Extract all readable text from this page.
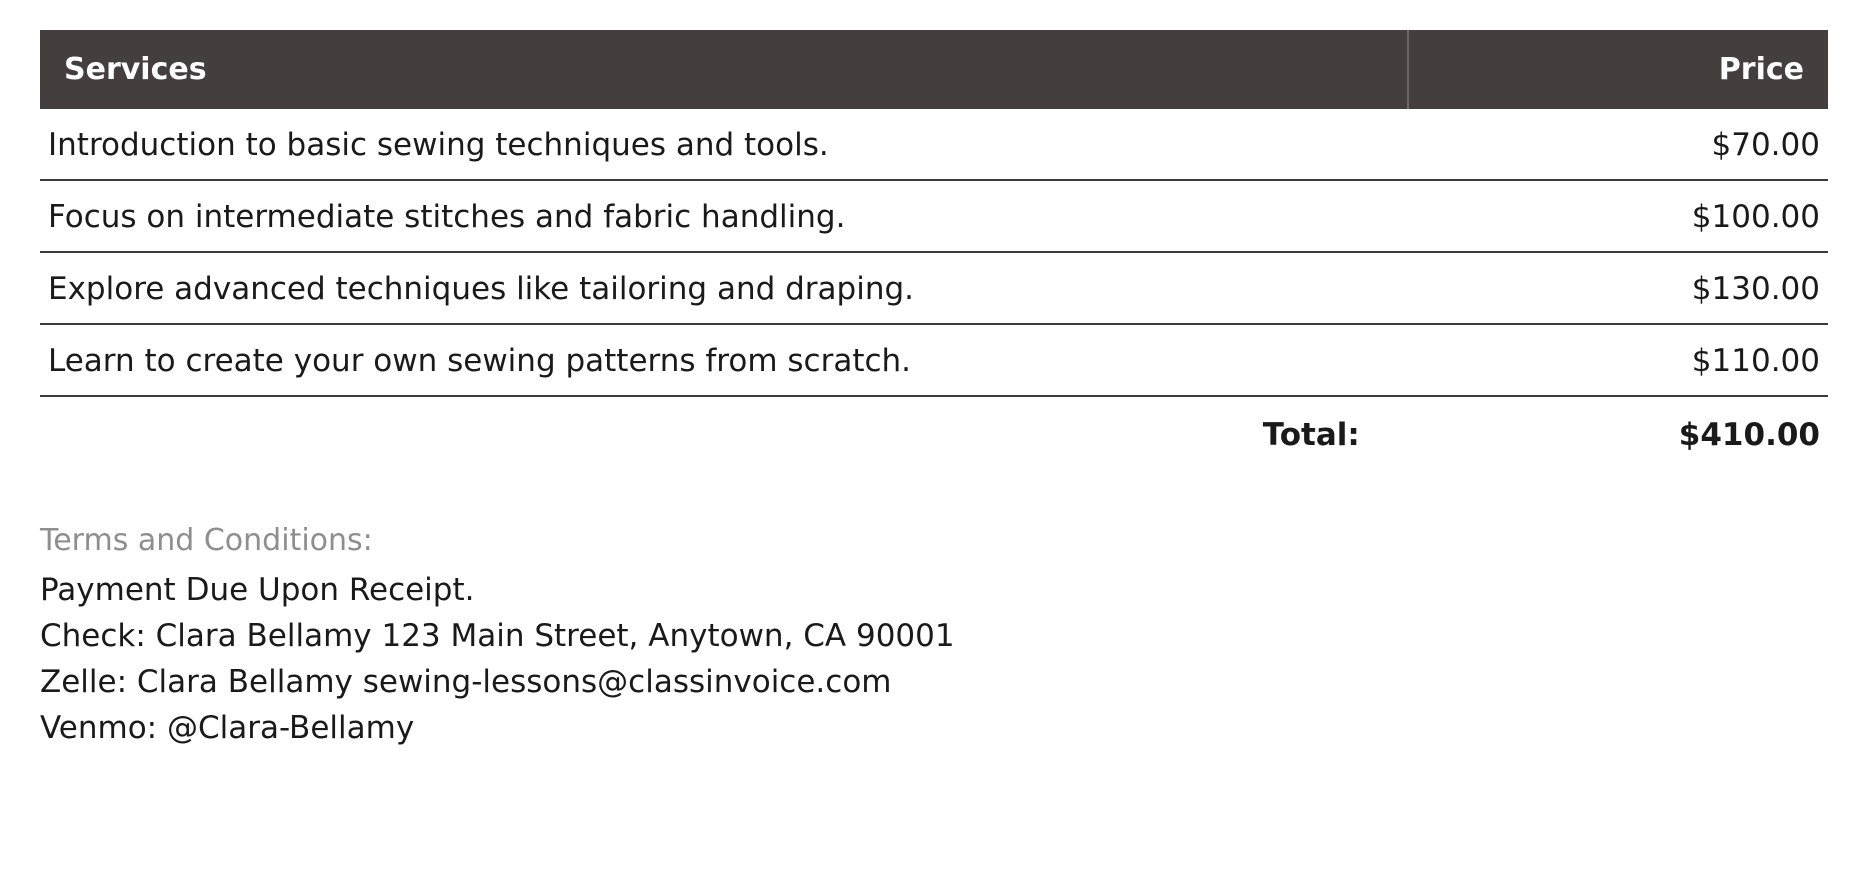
Services	Price
Introduction to basic sewing techniques and tools.	$70.00
Focus on intermediate stitches and fabric handling.	$100.00
Explore advanced techniques like tailoring and draping.	$130.00
Learn to create your own sewing patterns from scratch.	$110.00
Total:	$410.00
Terms and Conditions:
Payment Due Upon Receipt.
Check: Clara Bellamy 123 Main Street, Anytown, CA 90001
Zelle: Clara Bellamy sewing-lessons@classinvoice.com
Venmo: @Clara-Bellamy
